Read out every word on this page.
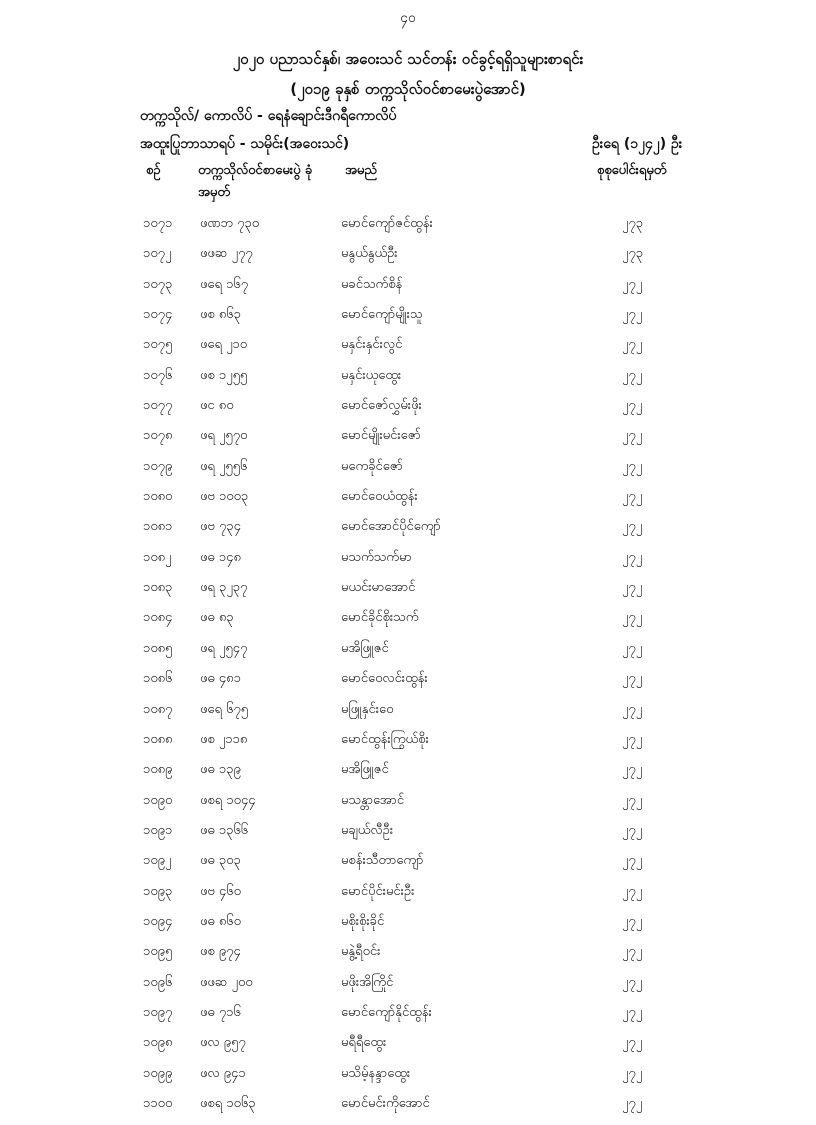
၄၀
၂၀၂၀ ပညာသင်နှစ်၊ အဝေးသင် သင်တန်း ဝင်ခွင့်ရရှိသူများစာရင်း
(၂၀၁၉ ခုနှစ် တက္ကသိုလ်ဝင်စာမေးပွဲအောင်)
တက္ကသိုလ်/ ကောလိပ် - ရေနံချောင်းဒီဂရီကောလိပ်
အထူးပြုဘာသာရပ် - သမိုင်း(အဝေးသင်)	ဦးရေ (၁၂၄၂) ဦး
စဉ်	တက္ကသိုလ်ဝင်စာမေးပွဲ ခုံအမှတ်
အမည်	စုစုပေါင်းရမှတ်
၁၀၇၁ ဖဏဘ ၇၃၀	မောင်ကျော်ဇင်ထွန်း	၂၇၃
၁၀၇၂ ဖဖဆ ၂၇၇	မနွယ်နွယ်ဦး	၂၇၃
၁၀၇၃ ဖရေ ၁၆၇	မခင်သက်စိန်	၂၇၂
၁၀၇၄ ဖစ ၈၆၃	မောင်ကျော်မျိုးသူ	၂၇၂
၁၀၇၅ ဖရေ ၂၁၀	မနှင်းနှင်းလွင်	၂၇၂
၁၀၇၆ ဖစ ၁၂၅၅	မနှင်းယုထွေး	၂၇၂
၁၀၇၇ ဖင ၈၀	မောင်ဇော်လွှမ်းဖိုး	၂၇၂
၁၀၇၈ ဖရ ၂၅၇၀	မောင်မျိုးမင်းဇော်	၂၇၂
၁၀၇၉ ဖရ ၂၅၅၆	မကေခိုင်ဇော်	၂၇၂
၁၀၈၀ ဖဗ ၁၀၀၃	မောင်ဝေယံထွန်း	၂၇၂
၁၀၈၁ ဖဗ ၇၃၄	မောင်အောင်ပိုင်ကျော်	၂၇၂
၁၀၈၂ ဖဓ ၁၄၈	မသက်သက်မာ	၂၇၂
၁၀၈၃ ဖရ ၃၂၃၇	မယင်းမာအောင်	၂၇၂
၁၀၈၄ ဖဓ ၈၃	မောင်ခိုင်စိုးသက်	၂၇၂
၁၀၈၅ ဖရ ၂၅၄၇	မအိဖြူဇင်	၂၇၂
၁၀၈၆ ဖဓ ၄၈၁	မောင်ဝေလင်းထွန်း	၂၇၂
၁၀၈၇ ဖရေ ၆၇၅	မဖြူနှင်းဝေ	၂၇၂
၁၀၈၈ ဖစ ၂၁၁၈	မောင်ထွန်းကြွယ်စိုး	၂၇၂
၁၀၈၉ ဖဓ ၁၃၉	မအိဖြူဇင်	၂၇၂
၁၀၉၀ ဖစရ ၁၀၄၄	မသန္တာအောင်	၂၇၂
၁၀၉၁ ဖဓ ၁၃၆၆	မချယ်လီဦး	၂၇၂
၁၀၉၂ ဖဓ ၃၀၃	မစန်းသီတာကျော်	၂၇၂
၁၀၉၃ ဖဗ ၄၆၀	မောင်ပိုင်းမင်းဦး	၂၇၂
၁၀၉၄ ဖဓ ၈၆၀	မစိုးစိုးခိုင်	၂၇၂
၁၀၉၅ ဖစ ၉၇၄	မနွဲ့ရီဝင်း	၂၇၂
၁၀၉၆ ဖဖဆ ၂၀၀	မဖိုးအိကြိုင်	၂၇၂
၁၀၉၇ ဖဓ ၇၁၆	မောင်ကျော်နိုင်ထွန်း	၂၇၂
၁၀၉၈ ဖလ ၉၅၇	မရီရီထွေး	၂၇၂
၁၀၉၉ ဖလ ၉၄၁	မသိမ့်နန္ဒာထွေး	၂၇၂
၁၁၀၀ ဖစရ ၁၀၆၃	မောင်မင်းကိုအောင်	၂၇၂
